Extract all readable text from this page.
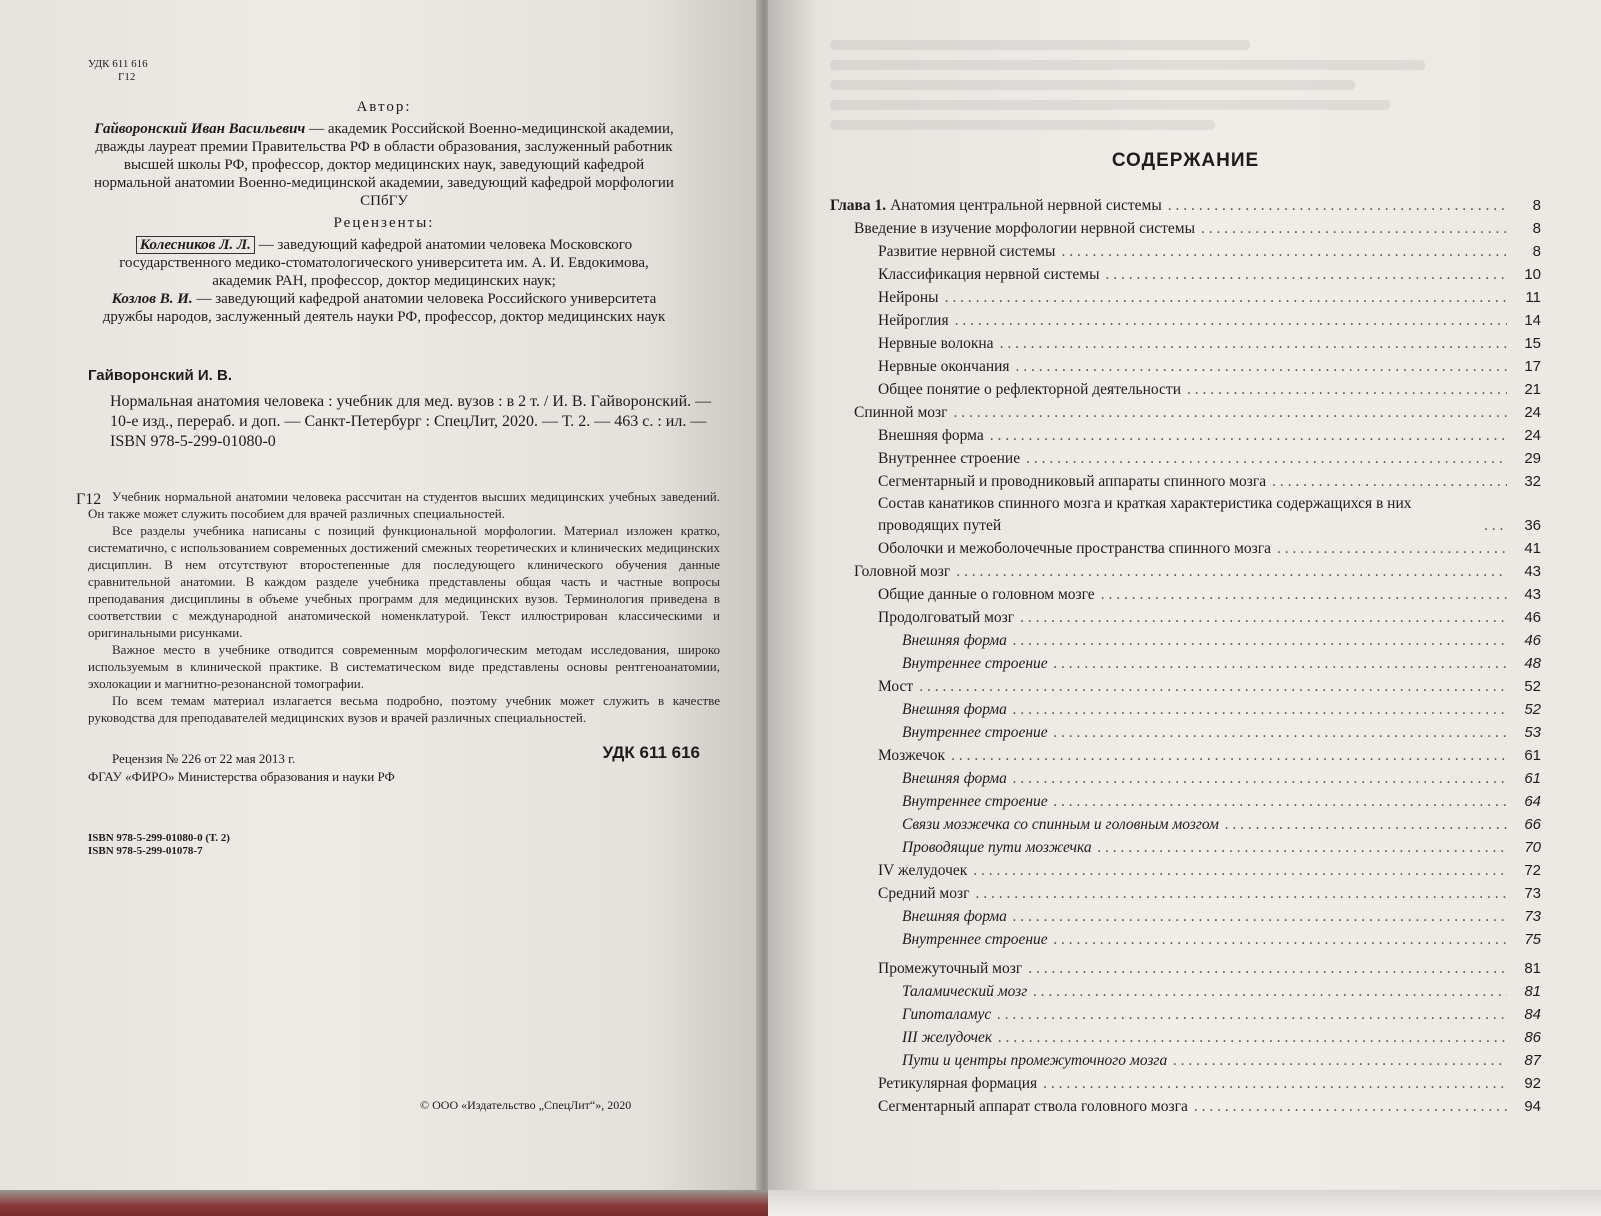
УДК 611 616
Г12
Автор:

Гайворонский Иван Васильевич — академик Российской Военно-медицинской академии, дважды лауреат премии Правительства РФ в области образования, заслуженный работник высшей школы РФ, профессор, доктор медицинских наук, заведующий кафедрой нормальной анатомии Военно-медицинской академии, заведующий кафедрой морфологии СПбГУ

Рецензенты:

Колесников Л. Л. — заведующий кафедрой анатомии человека Московского государственного медико-стоматологического университета им. А. И. Евдокимова, академик РАН, профессор, доктор медицинских наук;

Козлов В. И. — заведующий кафедрой анатомии человека Российского университета дружбы народов, заслуженный деятель науки РФ, профессор, доктор медицинских наук

Гайворонский И. В.
Г12
Нормальная анатомия человека : учебник для мед. вузов : в 2 т. / И. В. Гайворонский. — 10-е изд., перераб. и доп. — Санкт-Петербург : СпецЛит, 2020. — Т. 2. — 463 с. : ил. — ISBN 978-5-299-01080-0

Учебник нормальной анатомии человека рассчитан на студентов высших медицинских учебных заведений. Он также может служить пособием для врачей различных специальностей.

Все разделы учебника написаны с позиций функциональной морфологии. Материал изложен кратко, систематично, с использованием современных достижений смежных теоретических и клинических медицинских дисциплин. В нем отсутствуют второстепенные для последующего клинического обучения данные сравнительной анатомии. В каждом разделе учебника представлены общая часть и частные вопросы преподавания дисциплины в объеме учебных программ для медицинских вузов. Терминология приведена в соответствии с международной анатомической номенклатурой. Текст иллюстрирован классическими и оригинальными рисунками.

Важное место в учебнике отводится современным морфологическим методам исследования, широко используемым в клинической практике. В систематическом виде представлены основы рентгеноанатомии, эхолокации и магнитно-резонансной томографии.

По всем темам материал излагается весьма подробно, поэтому учебник может служить в качестве руководства для преподавателей медицинских вузов и врачей различных специальностей.

Рецензия № 226 от 22 мая 2013 г.
ФГАУ «ФИРО» Министерства образования и науки РФ
УДК 611 616
ISBN 978-5-299-01080-0 (Т. 2)
ISBN 978-5-299-01078-7
© ООО «Издательство „СпецЛит“», 2020
СОДЕРЖАНИЕ
Глава 1. Анатомия центральной нервной системы . . .	8
Введение в изучение морфологии нервной системы . . .	8
Развитие нервной системы . . .	8
Классификация нервной системы . . .	10
Нейроны . . .	11
Нейроглия . . .	14
Нервные волокна . . .	15
Нервные окончания . . .	17
Общее понятие о рефлекторной деятельности . . .	21
Спинной мозг . . .	24
Внешняя форма . . .	24
Внутреннее строение . . .	29
Сегментарный и проводниковый аппараты спинного мозга . . .	32
Состав канатиков спинного мозга и краткая характеристика содержащихся в них проводящих путей . . .	36
Оболочки и межоболочечные пространства спинного мозга . . .	41
Головной мозг . . .	43
Общие данные о головном мозге . . .	43
Продолговатый мозг . . .	46
Внешняя форма . . .	46
Внутреннее строение . . .	48
Мост . . .	52
Внешняя форма . . .	52
Внутреннее строение . . .	53
Мозжечок . . .	61
Внешняя форма . . .	61
Внутреннее строение . . .	64
Связи мозжечка со спинным и головным мозгом . . .	66
Проводящие пути мозжечка . . .	70
IV желудочек . . .	72
Средний мозг . . .	73
Внешняя форма . . .	73
Внутреннее строение . . .	75
Промежуточный мозг . . .	81
Таламический мозг . . .	81
Гипоталамус . . .	84
III желудочек . . .	86
Пути и центры промежуточного мозга . . .	87
Ретикулярная формация . . .	92
Сегментарный аппарат ствола головного мозга . . .	94
